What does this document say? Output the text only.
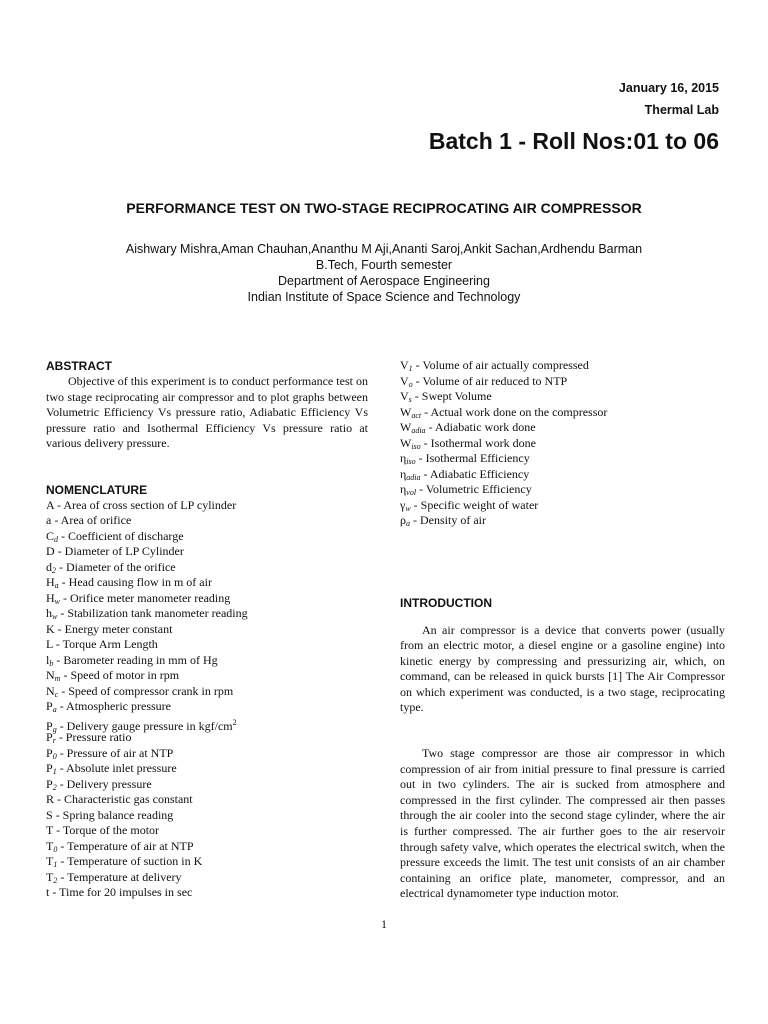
January 16, 2015
Thermal Lab
Batch 1 - Roll Nos:01 to 06
PERFORMANCE TEST ON TWO-STAGE RECIPROCATING AIR COMPRESSOR
Aishwary Mishra,Aman Chauhan,Ananthu M Aji,Ananti Saroj,Ankit Sachan,Ardhendu Barman
B.Tech, Fourth semester
Department of Aerospace Engineering
Indian Institute of Space Science and Technology
ABSTRACT

Objective of this experiment is to conduct performance test on two stage reciprocating air compressor and to plot graphs between Volumetric Efficiency Vs pressure ratio, Adiabatic Efficiency Vs pressure ratio and Isothermal Efficiency Vs pressure ratio at various delivery pressure.

NOMENCLATURE
A - Area of cross section of LP cylinder
a - Area of orifice
$C_d$ - Coefficient of discharge
D - Diameter of LP Cylinder
$d_2$ - Diameter of the orifice
$H_a$ - Head causing flow in m of air
$H_w$ - Orifice meter manometer reading
$h_w$ - Stabilization tank manometer reading
K - Energy meter constant
L - Torque Arm Length
$l_b$ - Barometer reading in mm of Hg
$N_m$ - Speed of motor in rpm
$N_c$ - Speed of compressor crank in rpm
$P_a$ - Atmospheric pressure
$P_g$ - Delivery gauge pressure in kgf/$cm^2$
$P_r$ - Pressure ratio
$P_0$ - Pressure of air at NTP
$P_1$ - Absolute inlet pressure
$P_2$ - Delivery pressure
R - Characteristic gas constant
S - Spring balance reading
T - Torque of the motor
$T_0$ - Temperature of air at NTP
$T_1$ - Temperature of suction in K
$T_2$ - Temperature at delivery
t - Time for 20 impulses in sec
$V_1$ - Volume of air actually compressed
$V_o$ - Volume of air reduced to NTP
$V_s$ - Swept Volume
$W_{act}$ - Actual work done on the compressor
$W_{adia}$ - Adiabatic work done
$W_{iso}$ - Isothermal work done
$\eta_{iso}$ - Isothermal Efficiency
$\eta_{adia}$ - Adiabatic Efficiency
$\eta_{vol}$ - Volumetric Efficiency
$\gamma_w$ - Specific weight of water
$\rho_a$ - Density of air
INTRODUCTION

An air compressor is a device that converts power (usually from an electric motor, a diesel engine or a gasoline engine) into kinetic energy by compressing and pressurizing air, which, on command, can be released in quick bursts [1] The Air Compressor on which experiment was conducted, is a two stage, reciprocating type.

Two stage compressor are those air compressor in which compression of air from initial pressure to final pressure is carried out in two cylinders. The air is sucked from atmosphere and compressed in the first cylinder. The compressed air then passes through the air cooler into the second stage cylinder, where the air is further compressed. The air further goes to the air reservoir through safety valve, which operates the electrical switch, when the pressure exceeds the limit. The test unit consists of an air chamber containing an orifice plate, manometer, compressor, and an electrical dynamometer type induction motor.

1
